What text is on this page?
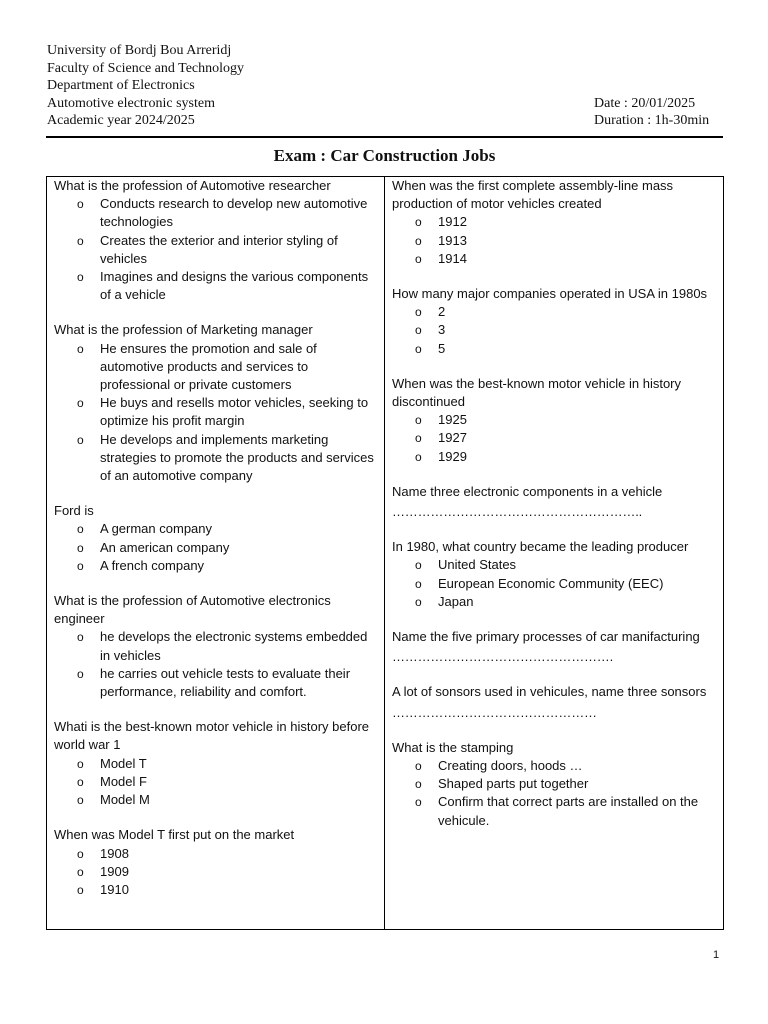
University of Bordj Bou Arreridj
Faculty of Science and Technology
Department of Electronics
Automotive electronic system	Date : 20/01/2025
Academic year 2024/2025	Duration : 1h-30min
Exam : Car Construction Jobs
What is the profession of Automotive researcher
o	Conducts research to develop new automotive technologies
o	Creates the exterior and interior styling of vehicles
o	Imagines and designs the various components of a vehicle
What is the profession of Marketing manager
o	He ensures the promotion and sale of automotive products and services to professional or private customers
o	He buys and resells motor vehicles, seeking to optimize his profit margin
o	He develops and implements marketing strategies to promote the products and services of an automotive company
Ford is
o	A german company
o	An american company
o	A french company
What is the profession of Automotive electronics engineer
o	he develops the electronic systems embedded in vehicles
o	he carries out vehicle tests to evaluate their performance, reliability and comfort.
Whati is the best-known motor vehicle in history before world war 1
o	Model T
o	Model F
o	Model M
When was Model T first put on the market
o	1908
o	1909
o	1910
When was the first complete assembly-line mass production of motor vehicles created
o	1912
o	1913
o	1914
How many major companies operated in USA in 1980s
o	2
o	3
o	5
When was the best-known motor vehicle in history discontinued
o	1925
o	1927
o	1929
Name three electronic components in a vehicle
…………………………………………………..
In 1980, what country became the leading producer
o	United States
o	European Economic Community (EEC)
o	Japan
Name the five primary processes of car manifacturing
…………………………………………….
A lot of sonsors used in vehicules, name three sonsors
…………………………………………
What is the stamping
o	Creating doors, hoods …
o	Shaped parts put together
o	Confirm that correct parts are installed on the vehicule.
1
